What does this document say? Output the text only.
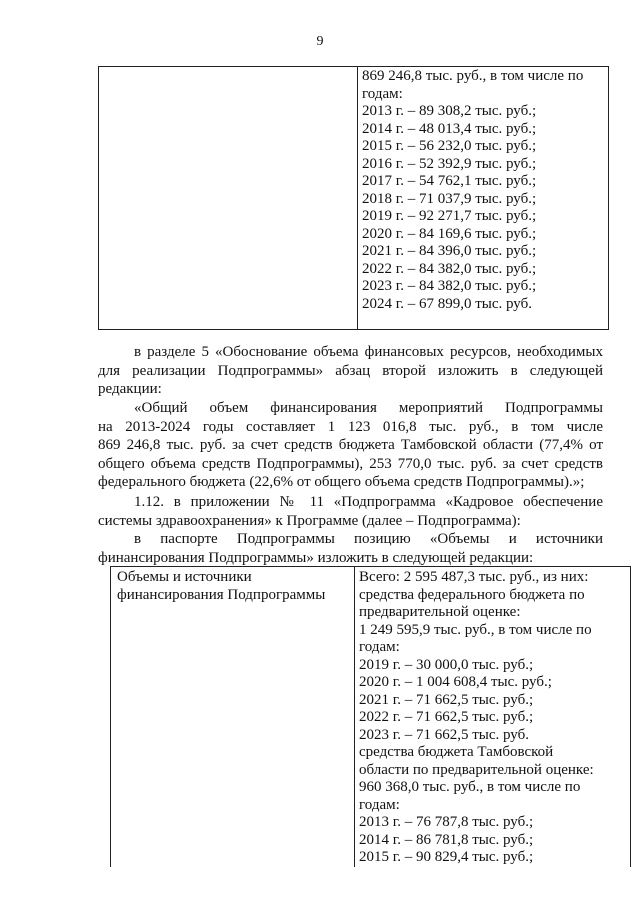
9
869 246,8 тыс. руб., в том числе по
годам:
2013 г. – 89 308,2 тыс. руб.;
2014 г. – 48 013,4 тыс. руб.;
2015 г. – 56 232,0 тыс. руб.;
2016 г. – 52 392,9 тыс. руб.;
2017 г. – 54 762,1 тыс. руб.;
2018 г. – 71 037,9 тыс. руб.;
2019 г. – 92 271,7 тыс. руб.;
2020 г. – 84 169,6 тыс. руб.;
2021 г. – 84 396,0 тыс. руб.;
2022 г. – 84 382,0 тыс. руб.;
2023 г. – 84 382,0 тыс. руб.;
2024 г. – 67 899,0 тыс. руб.
в разделе 5 «Обоснование объема финансовых ресурсов, необходимых
для реализации Подпрограммы» абзац второй изложить в следующей
редакции:
«Общий объем финансирования мероприятий Подпрограммы
на 2013-2024 годы составляет 1 123 016,8 тыс. руб., в том числе
869 246,8 тыс. руб. за счет средств бюджета Тамбовской области (77,4% от
общего объема средств Подпрограммы), 253 770,0 тыс. руб. за счет средств
федерального бюджета (22,6% от общего объема средств Подпрограммы).»;
1.12. в приложении № 11 «Подпрограмма «Кадровое обеспечение
системы здравоохранения» к Программе (далее – Подпрограмма):
в паспорте Подпрограммы позицию «Объемы и источники
финансирования Подпрограммы» изложить в следующей редакции:
Объемы и источники
финансирования Подпрограммы
Всего: 2 595 487,3 тыс. руб., из них:
средства федерального бюджета по
предварительной оценке:
1 249 595,9 тыс. руб., в том числе по
годам:
2019 г. – 30 000,0 тыс. руб.;
2020 г. – 1 004 608,4 тыс. руб.;
2021 г. – 71 662,5 тыс. руб.;
2022 г. – 71 662,5 тыс. руб.;
2023 г. – 71 662,5 тыс. руб.
средства бюджета Тамбовской
области по предварительной оценке:
960 368,0 тыс. руб., в том числе по
годам:
2013 г. – 76 787,8 тыс. руб.;
2014 г. – 86 781,8 тыс. руб.;
2015 г. – 90 829,4 тыс. руб.;
